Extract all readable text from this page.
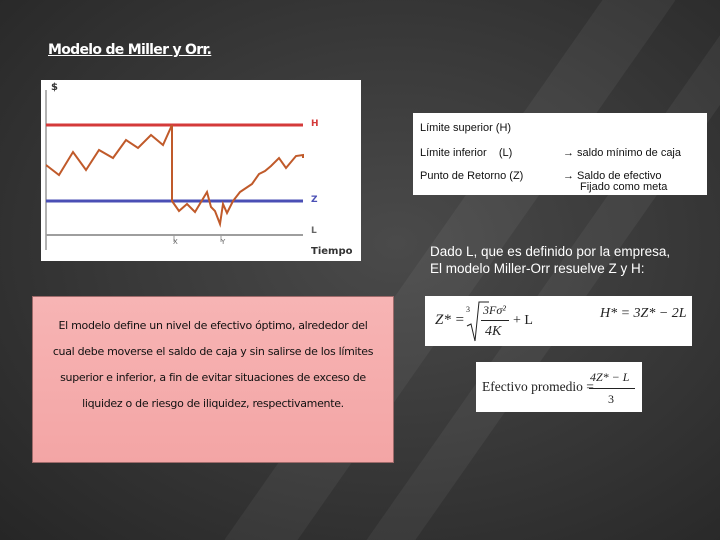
Modelo de Miller y Orr.
$
H
Z
L
X	Y
Tiempo
Límite superior (H)
Límite inferior    (L)	→ saldo mínimo de caja
Punto de Retorno (Z)	→ Saldo de efectivo
Fijado como meta
Dado L, que es definido por la empresa,
El modelo Miller-Orr resuelve Z y H:
Z* =
3 3Fσ²
4K
+ L	H* = 3Z* − 2L
Efectivo promedio =
4Z* − L
3
El modelo define un nivel de efectivo óptimo, alrededor del
cual debe moverse el saldo de caja y sin salirse de los límites
superior e inferior, a fin de evitar situaciones de exceso de
liquidez o de riesgo de iliquidez, respectivamente.
